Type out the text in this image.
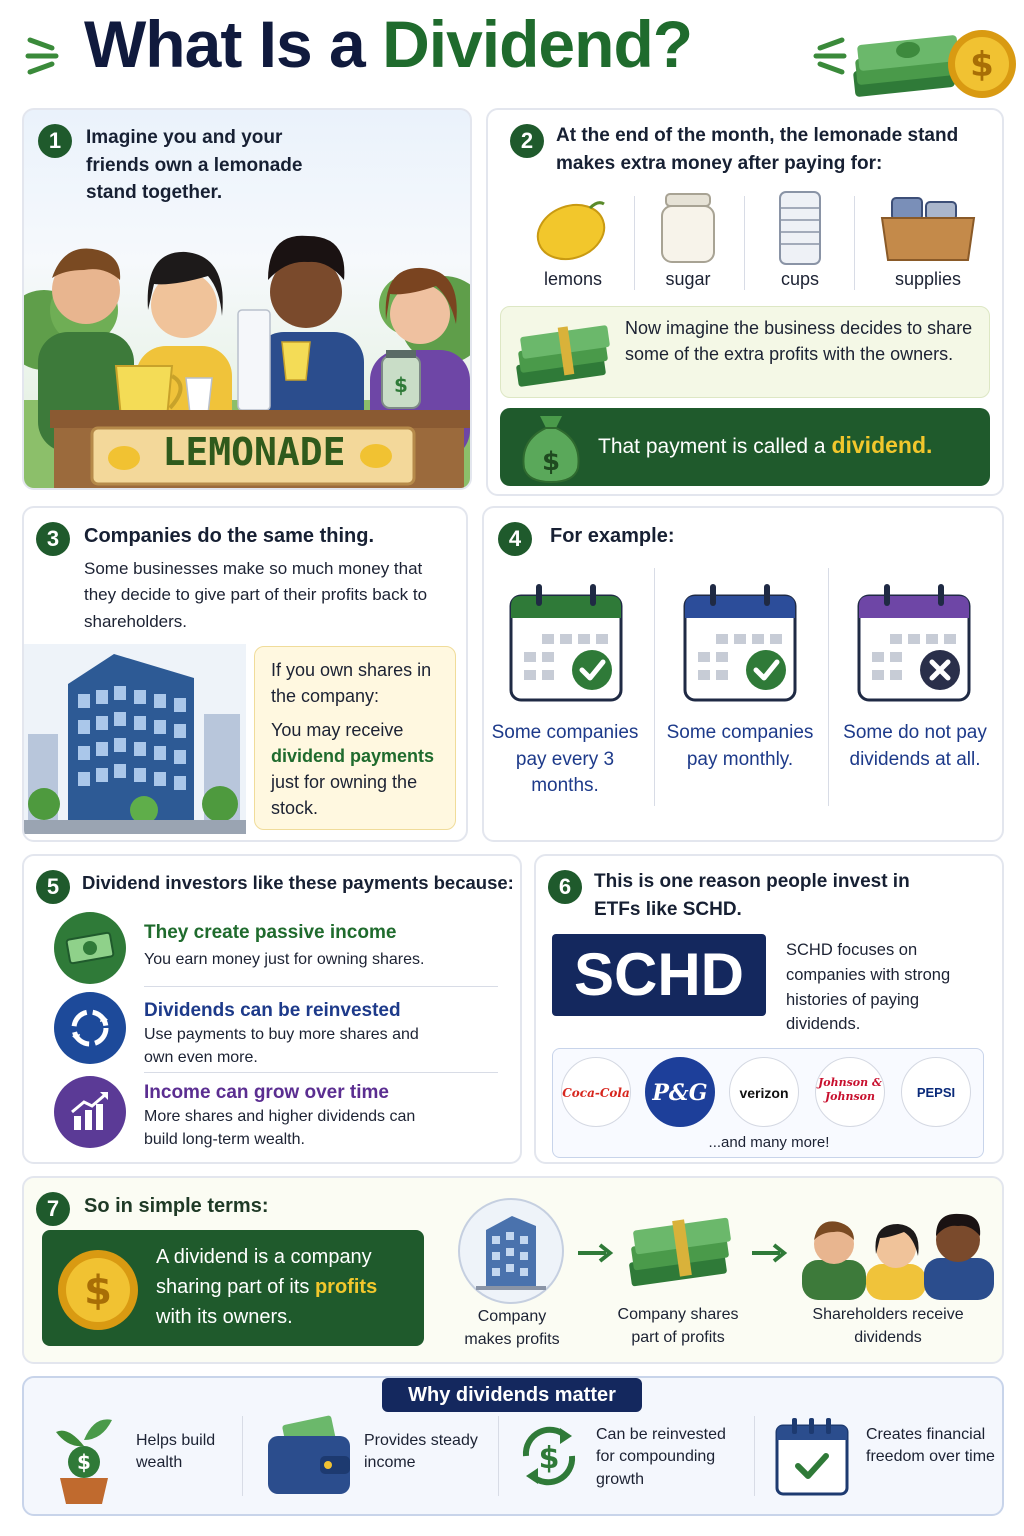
What Is a Dividend?	$
$
1	Imagine you and your friends own a lemonade stand together.
LEMONADE
2	At the end of the month, the lemonade stand makes extra money after paying for:
lemons	sugar	cups	supplies
Now imagine the business decides to share some of the extra profits with the owners.
$
That payment is called a dividend.
3	Companies do the same thing.
Some businesses make so much money that they decide to give part of their profits back to shareholders.
If you own shares in the company:
You may receive
dividend payments
just for owning the stock.
4	For example:
Some companies pay every 3 months.
Some companies pay monthly.
Some do not pay dividends at all.
5	Dividend investors like these payments because:
They create passive income
You earn money just for owning shares.
Dividends can be reinvested
Use payments to buy more shares and own even more.
Income can grow over time
More shares and higher dividends can build long-term wealth.
6	This is one reason people invest in ETFs like SCHD.
SCHD	SCHD focuses on companies with strong histories of paying dividends.
Coca-Cola	P&G	verizon
Johnson & Johnson	PEPSI
...and many more!
7	So in simple terms:
$
A dividend is a company sharing part of its profits with its owners.	Company makes profits
Company shares part of profits
Shareholders receive dividends
Why dividends matter
$
Helps build wealth
Provides steady income	$
Can be reinvested for compounding growth
Creates financial freedom over time
